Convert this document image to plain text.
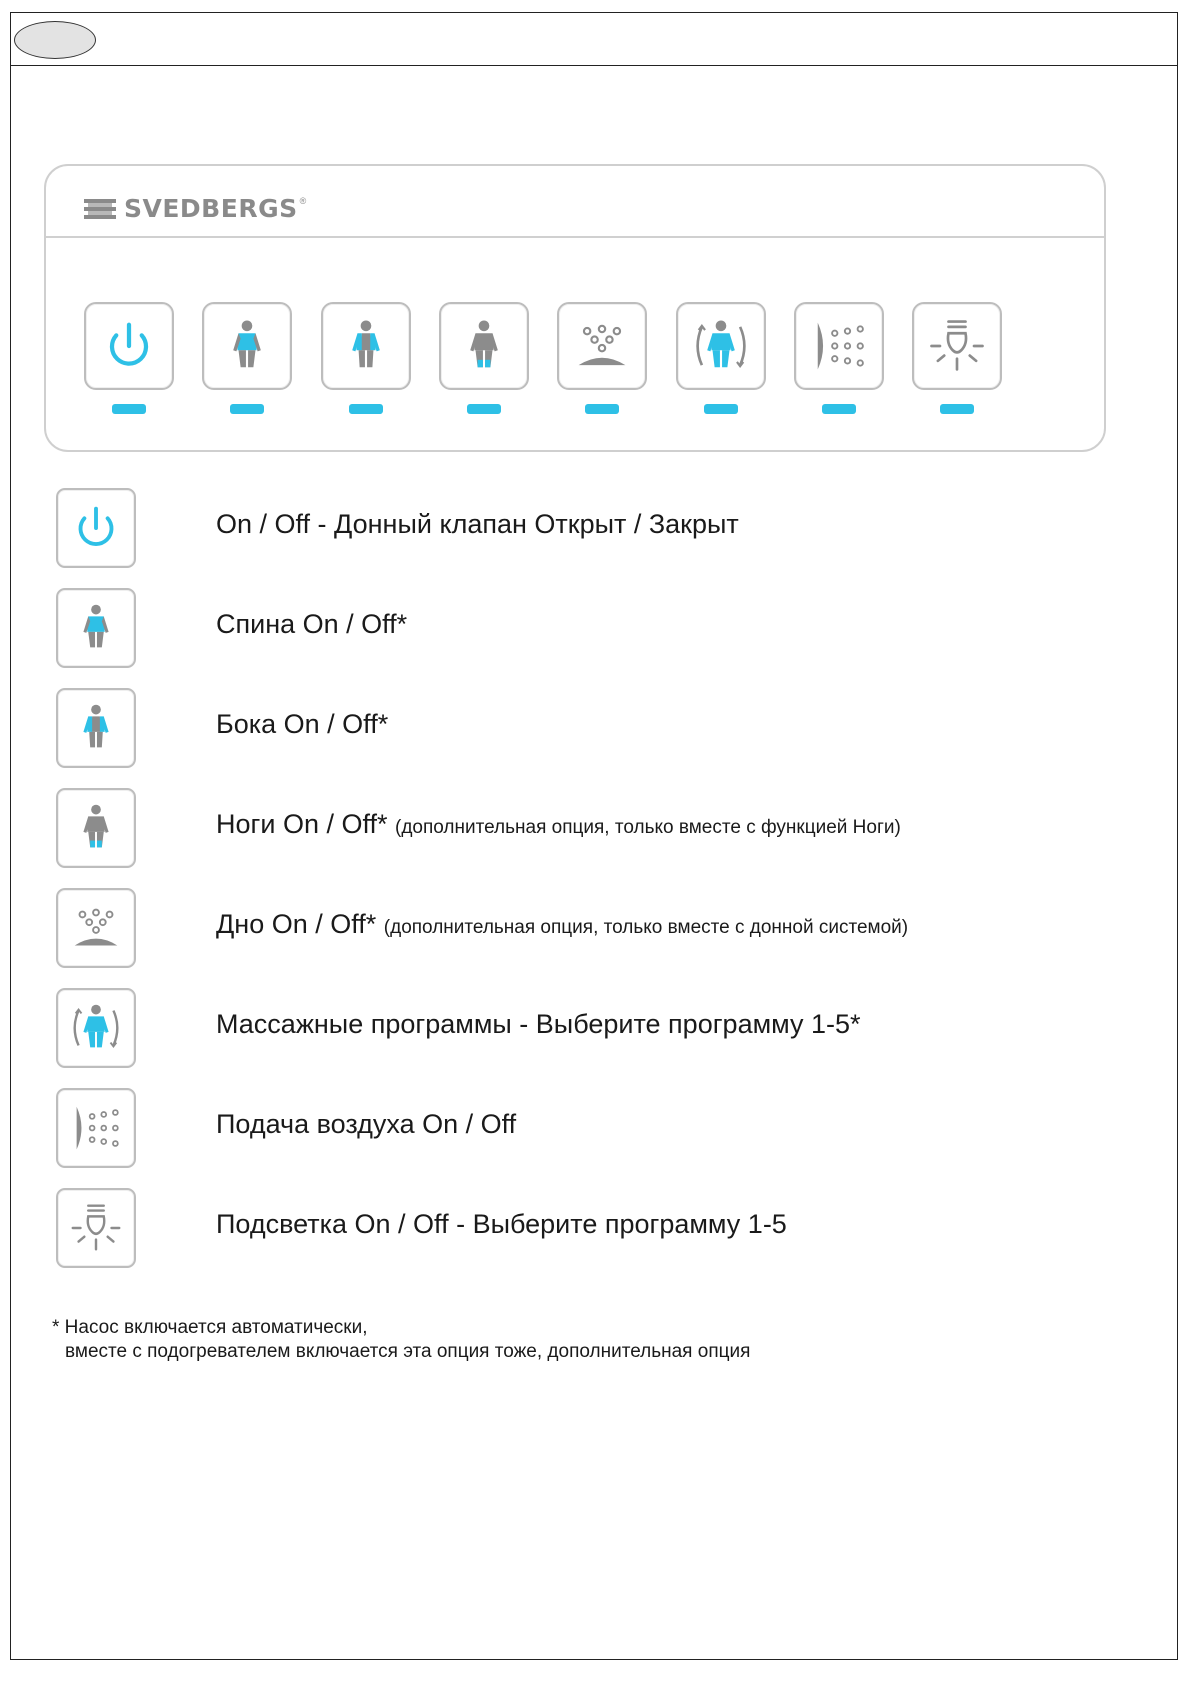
SVEDBERGS ®
On / Off - Донный клапан Открыт / Закрыт
Спина On / Off*
Бока On / Off*
Ноги On / Off* (дополнительная опция, только вместе с функцией Ноги)
Дно On / Off* (дополнительная опция, только вместе с донной системой)
Массажные программы - Выберите программу 1-5*
Подача воздуха On / Off
Подсветка On / Off - Выберите программу 1-5
* Насос включается автоматически,
вместе с подогревателем включается эта опция тоже, дополнительная опция
